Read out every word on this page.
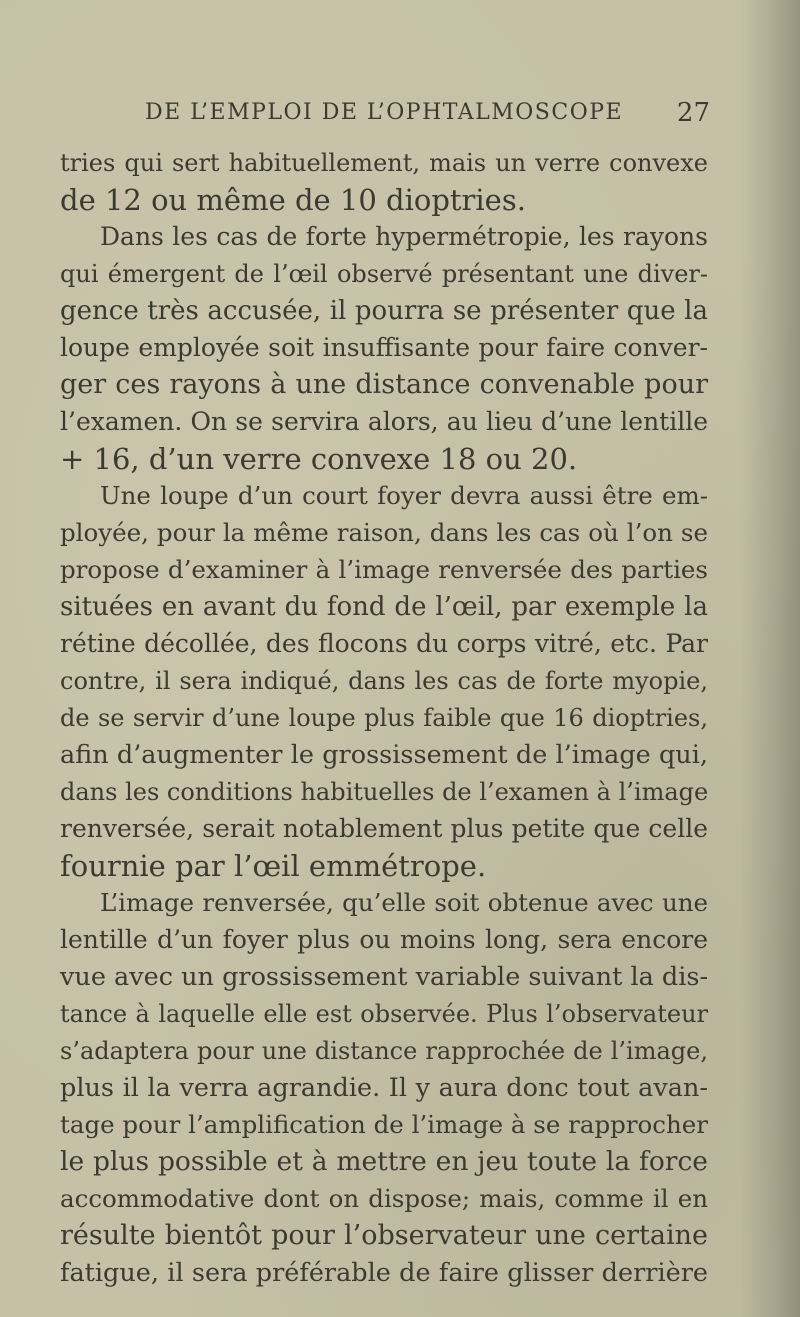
DE L’EMPLOI DE L’OPHTALMOSCOPE 27
tries qui sert habituellement, mais un verre convexe
de 12 ou même de 10 dioptries.
Dans les cas de forte hypermétropie, les rayons
qui émergent de l’œil observé présentant une diver-
gence très accusée, il pourra se présenter que la
loupe employée soit insuffisante pour faire conver-
ger ces rayons à une distance convenable pour
l’examen. On se servira alors, au lieu d’une lentille
+ 16, d’un verre convexe 18 ou 20.
Une loupe d’un court foyer devra aussi être em-
ployée, pour la même raison, dans les cas où l’on se
propose d’examiner à l’image renversée des parties
situées en avant du fond de l’œil, par exemple la
rétine décollée, des flocons du corps vitré, etc. Par
contre, il sera indiqué, dans les cas de forte myopie,
de se servir d’une loupe plus faible que 16 dioptries,
afin d’augmenter le grossissement de l’image qui,
dans les conditions habituelles de l’examen à l’image
renversée, serait notablement plus petite que celle
fournie par l’œil emmétrope.
L’image renversée, qu’elle soit obtenue avec une
lentille d’un foyer plus ou moins long, sera encore
vue avec un grossissement variable suivant la dis-
tance à laquelle elle est observée. Plus l’observateur
s’adaptera pour une distance rapprochée de l’image,
plus il la verra agrandie. Il y aura donc tout avan-
tage pour l’amplification de l’image à se rapprocher
le plus possible et à mettre en jeu toute la force
accommodative dont on dispose; mais, comme il en
résulte bientôt pour l’observateur une certaine
fatigue, il sera préférable de faire glisser derrière
